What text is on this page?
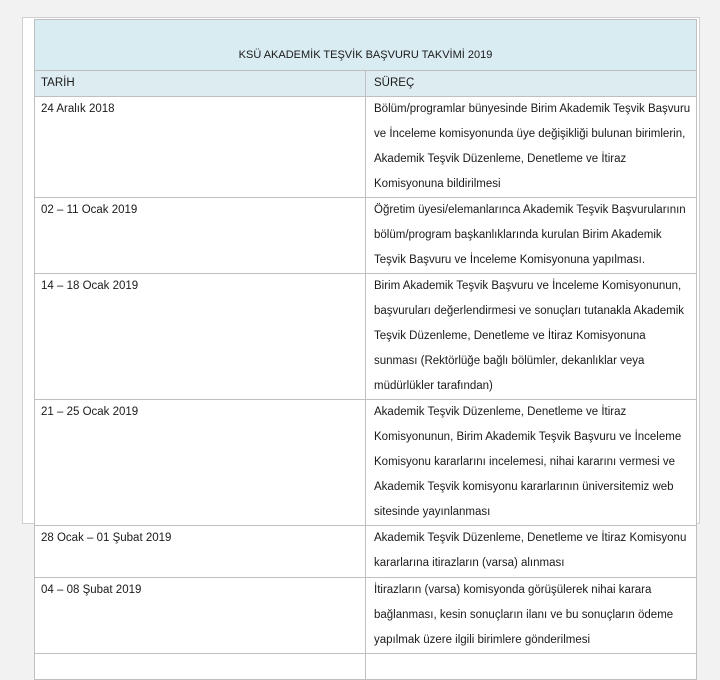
KSÜ AKADEMİK TEŞVİK BAŞVURU TAKVİMİ 2019	

TARİH	SÜREÇ
24 Aralık 2018	Bölüm/programlar bünyesinde Birim Akademik Teşvik Başvuru ve İnceleme komisyonunda üye değişikliği bulunan birimlerin, Akademik Teşvik Düzenleme, Denetleme ve İtiraz Komisyonuna bildirilmesi
02 – 11 Ocak 2019	Öğretim üyesi/elemanlarınca Akademik Teşvik Başvurularının bölüm/program başkanlıklarında kurulan Birim Akademik Teşvik Başvuru ve İnceleme Komisyonuna yapılması.
14 – 18 Ocak 2019	Birim Akademik Teşvik Başvuru ve İnceleme Komisyonunun, başvuruları değerlendirmesi ve sonuçları tutanakla Akademik Teşvik Düzenleme, Denetleme ve İtiraz Komisyonuna sunması (Rektörlüğe bağlı bölümler, dekanlıklar veya müdürlükler tarafından)
21 – 25 Ocak 2019	Akademik Teşvik Düzenleme, Denetleme ve İtiraz Komisyonunun, Birim Akademik Teşvik Başvuru ve İnceleme Komisyonu kararlarını incelemesi, nihai kararını vermesi ve Akademik Teşvik komisyonu kararlarının üniversitemiz web sitesinde yayınlanması
28 Ocak – 01 Şubat 2019	Akademik Teşvik Düzenleme, Denetleme ve İtiraz Komisyonu kararlarına itirazların (varsa) alınması
04 – 08 Şubat 2019	İtirazların (varsa) komisyonda görüşülerek nihai karara bağlanması, kesin sonuçların ilanı ve bu sonuçların ödeme yapılmak üzere ilgili birimlere gönderilmesi
